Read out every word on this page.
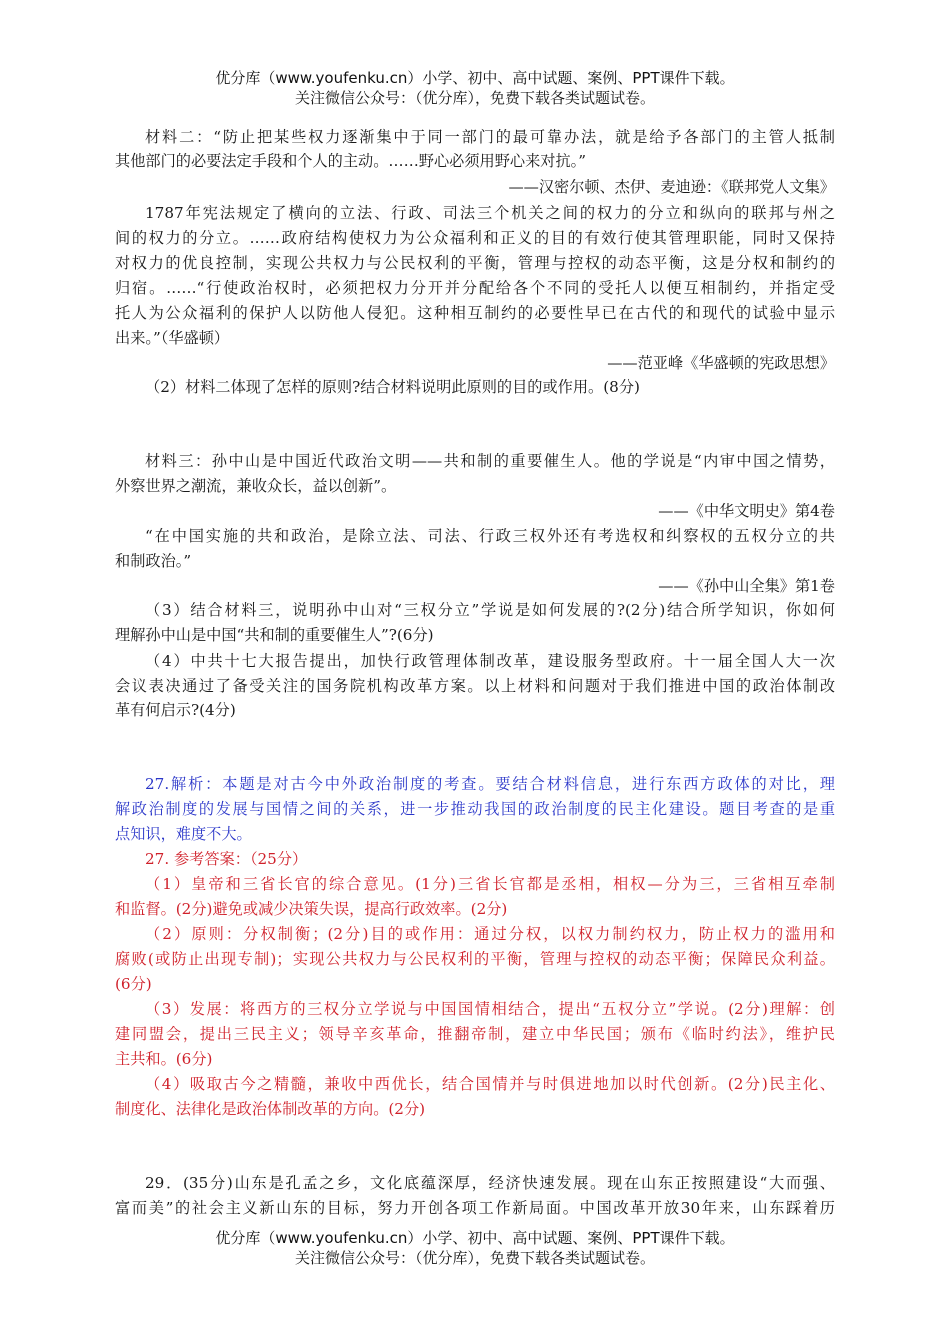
优分库（www.youfenku.cn）小学、初中、高中试题、案例、PPT课件下载。
关注微信公众号：（优分库），免费下载各类试题试卷。
材料二：“防止把某些权力逐渐集中于同一部门的最可靠办法，就是给予各部门的主管人抵制
其他部门的必要法定手段和个人的主动。……野心必须用野心来对抗。”
——汉密尔顿、杰伊、麦迪逊：《联邦党人文集》
1787年宪法规定了横向的立法、行政、司法三个机关之间的权力的分立和纵向的联邦与州之
间的权力的分立。……政府结构使权力为公众福利和正义的目的有效行使其管理职能，同时又保持
对权力的优良控制，实现公共权力与公民权利的平衡，管理与控权的动态平衡，这是分权和制约的
归宿。……“行使政治权时，必须把权力分开并分配给各个不同的受托人以便互相制约，并指定受
托人为公众福利的保护人以防他人侵犯。这种相互制约的必要性早已在古代的和现代的试验中显示
出来。”（华盛顿）
——范亚峰《华盛顿的宪政思想》
（2）材料二体现了怎样的原则?结合材料说明此原则的目的或作用。(8分)
材料三：孙中山是中国近代政治文明——共和制的重要催生人。他的学说是“内审中国之情势，
外察世界之潮流，兼收众长，益以创新”。
——《中华文明史》第4卷
“在中国实施的共和政治，是除立法、司法、行政三权外还有考选权和纠察权的五权分立的共
和制政治。”
——《孙中山全集》第1卷
（3）结合材料三，说明孙中山对“三权分立”学说是如何发展的?(2分)结合所学知识，你如何
理解孙中山是中国“共和制的重要催生人”?(6分)
（4）中共十七大报告提出，加快行政管理体制改革，建设服务型政府。十一届全国人大一次
会议表决通过了备受关注的国务院机构改革方案。以上材料和问题对于我们推进中国的政治体制改
革有何启示?(4分)
27.解析：本题是对古今中外政治制度的考查。要结合材料信息，进行东西方政体的对比，理
解政治制度的发展与国情之间的关系，进一步推动我国的政治制度的民主化建设。题目考查的是重
点知识，难度不大。
27. 参考答案：（25分）
（1）皇帝和三省长官的综合意见。(1分)三省长官都是丞相，相权—分为三，三省相互牵制
和监督。(2分)避免或减少决策失误，提高行政效率。(2分)
（2）原则：分权制衡；(2分)目的或作用：通过分权，以权力制约权力，防止权力的滥用和
腐败(或防止出现专制)；实现公共权力与公民权利的平衡，管理与控权的动态平衡；保障民众利益。
(6分)
（3）发展：将西方的三权分立学说与中国国情相结合，提出“五权分立”学说。(2分)理解：创
建同盟会，提出三民主义；领导辛亥革命，推翻帝制，建立中华民国；颁布《临时约法》，维护民
主共和。(6分)
（4）吸取古今之精髓，兼收中西优长，结合国情并与时俱进地加以时代创新。(2分)民主化、
制度化、法律化是政治体制改革的方向。(2分)
29．(35分)山东是孔孟之乡，文化底蕴深厚，经济快速发展。现在山东正按照建设“大而强、
富而美”的社会主义新山东的目标，努力开创各项工作新局面。中国改革开放30年来，山东踩着历
优分库（www.youfenku.cn）小学、初中、高中试题、案例、PPT课件下载。
关注微信公众号：（优分库），免费下载各类试题试卷。
